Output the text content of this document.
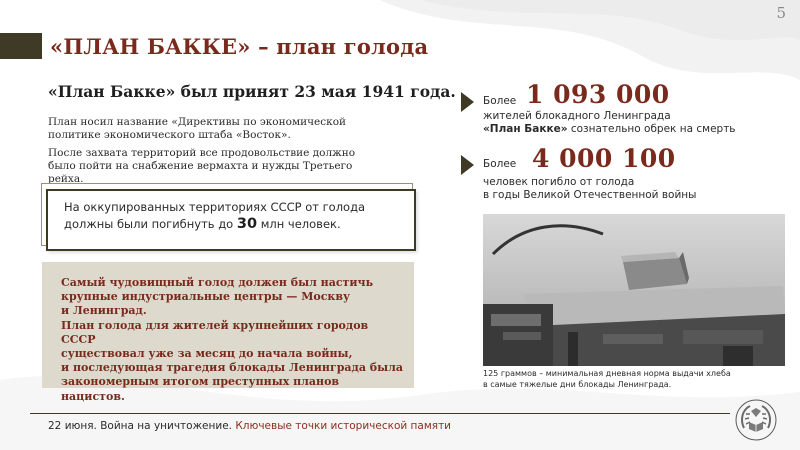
5
«ПЛАН БАККЕ» – план голода
«План Бакке» был принят 23 мая 1941 года.
План носил название «Директивы по экономической политике экономического штаба «Восток».
После захвата территорий все продовольствие должно было пойти на снабжение вермахта и нужды Третьего рейха.
На оккупированных территориях СССР от голода
должны были погибнуть до 30 млн человек.
Самый чудовищный голод должен был настичь
крупные индустриальные центры — Москву
и Ленинград.
План голода для жителей крупнейших городов СССР
существовал уже за месяц до начала войны,
и последующая трагедия блокады Ленинграда была
закономерным итогом преступных планов нацистов.
Более 1 093 000
жителей блокадного Ленинграда
«План Бакке» сознательно обрек на смерть
Более 4 000 100
человек погибло от голода
в годы Великой Отечественной войны
125 граммов – минимальная дневная норма выдачи хлеба
в самые тяжелые дни блокады Ленинграда.
22 июня. Война на уничтожение. Ключевые точки исторической памяти
